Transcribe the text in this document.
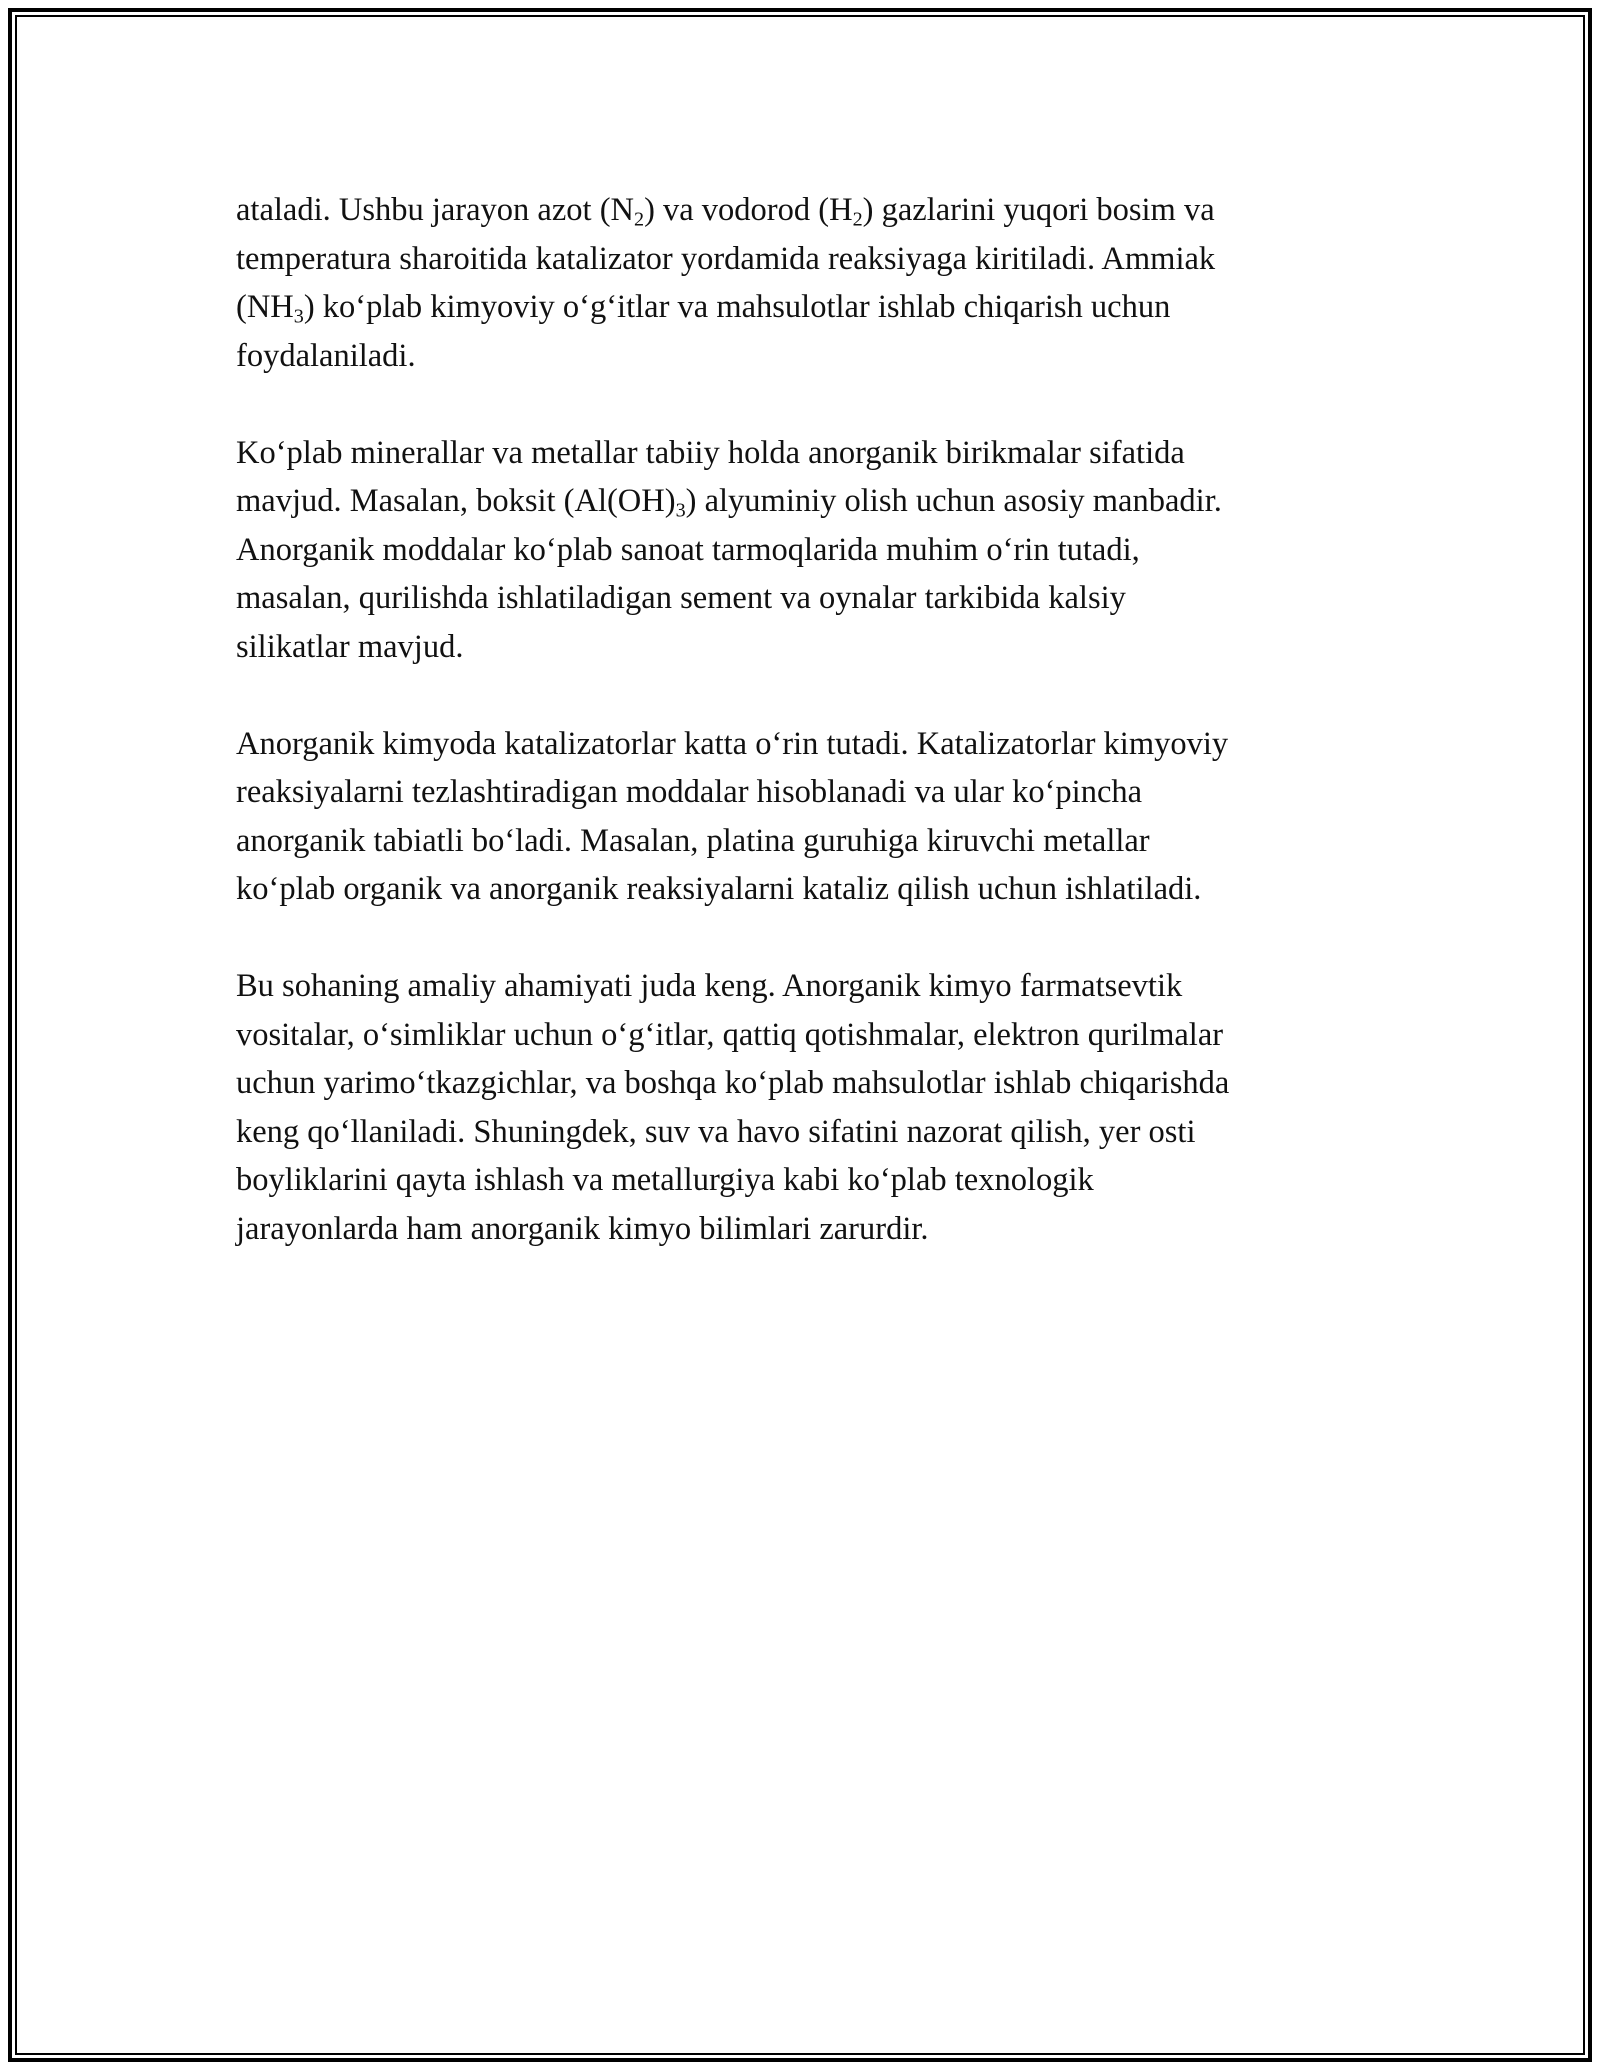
ataladi. Ushbu jarayon azot $(N_2)$ va vodorod $(H_2)$ gazlarini yuqori bosim va
temperatura sharoitida katalizator yordamida reaksiyaga kiritiladi. Ammiak
$(NH_3)$ ko‘plab kimyoviy o‘g‘itlar va mahsulotlar ishlab chiqarish uchun
foydalaniladi.

Ko‘plab minerallar va metallar tabiiy holda anorganik birikmalar sifatida
mavjud. Masalan, boksit $(Al(OH)_3)$ alyuminiy olish uchun asosiy manbadir.
Anorganik moddalar ko‘plab sanoat tarmoqlarida muhim o‘rin tutadi,
masalan, qurilishda ishlatiladigan sement va oynalar tarkibida kalsiy
silikatlar mavjud.

Anorganik kimyoda katalizatorlar katta o‘rin tutadi. Katalizatorlar kimyoviy
reaksiyalarni tezlashtiradigan moddalar hisoblanadi va ular ko‘pincha
anorganik tabiatli bo‘ladi. Masalan, platina guruhiga kiruvchi metallar
ko‘plab organik va anorganik reaksiyalarni kataliz qilish uchun ishlatiladi.

Bu sohaning amaliy ahamiyati juda keng. Anorganik kimyo farmatsevtik
vositalar, o‘simliklar uchun o‘g‘itlar, qattiq qotishmalar, elektron qurilmalar
uchun yarimo‘tkazgichlar, va boshqa ko‘plab mahsulotlar ishlab chiqarishda
keng qo‘llaniladi. Shuningdek, suv va havo sifatini nazorat qilish, yer osti
boyliklarini qayta ishlash va metallurgiya kabi ko‘plab texnologik
jarayonlarda ham anorganik kimyo bilimlari zarurdir.
